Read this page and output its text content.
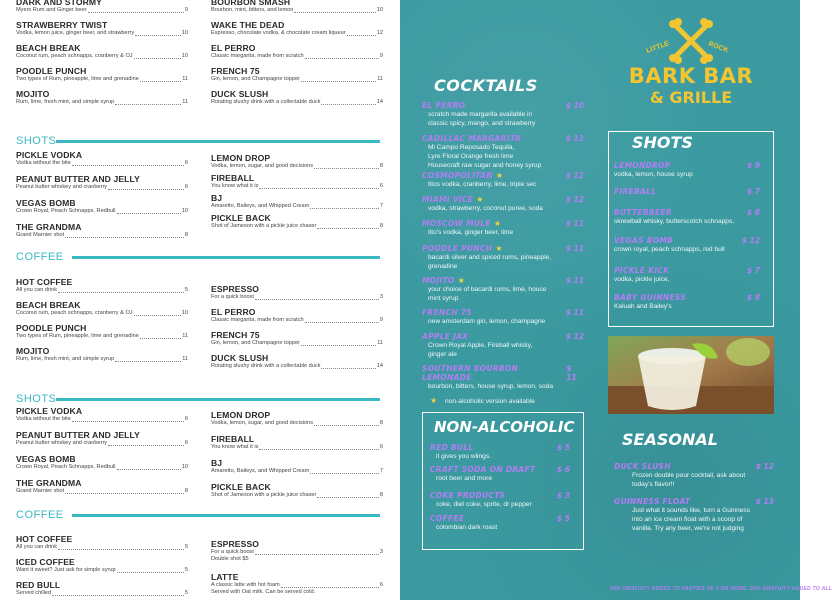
DARK AND STORMY
Myers Rum and Ginger beer	9
STRAWBERRY TWIST
Vodka, lemon juice, ginger beer, and strawberry	10
BEACH BREAK
Coconut rum, peach schnapps, cranberry & OJ	10
POODLE PUNCH
Two types of Rum, pineapple, lime and grenadine	11
MOJITO
Rum, lime, fresh mint, and simple syrup	11
BOURBON SMASH
Bourbon, mint, bitters, and lemon	10
WAKE THE DEAD
Espresso, chocolate vodka, & chocolate cream liqueur	12
EL PERRO
Classic margarita, made from scratch	9
FRENCH 75
Gin, lemon, and Champagne topper	11
DUCK SLUSH
Rotating slushy drink with a collectable duck	14
SHOTS
PICKLE VODKA
Vodka without the bite	6
PEANUT BUTTER AND JELLY
Peanut butter whiskey and cranberry	6
VEGAS BOMB
Crown Royal, Peach Schnapps, Redbull	10
THE GRANDMA
Grand Marnier shot	8
LEMON DROP
Vodka, lemon, sugar, and good decisions	8
FIREBALL
You know what it is	6
BJ
Amaretto, Baileys, and Whipped Cream	7
PICKLE BACK
Shot of Jameson with a pickle juice chaser	8
COFFEE
HOT COFFEE
All you can drink	5
BEACH BREAK
Coconut rum, peach schnapps, cranberry & OJ	10
POODLE PUNCH
Two types of Rum, pineapple, lime and grenadine	11
MOJITO
Rum, lime, fresh mint, and simple syrup	11
ESPRESSO
For a quick boost	3
EL PERRO
Classic margarita, made from scratch	9
FRENCH 75
Gin, lemon, and Champagne topper	11
DUCK SLUSH
Rotating slushy drink with a collectable duck	14
SHOTS
PICKLE VODKA
Vodka without the bite	6
PEANUT BUTTER AND JELLY
Peanut butter whiskey and cranberry	6
VEGAS BOMB
Crown Royal, Peach Schnapps, Redbull	10
THE GRANDMA
Grand Marnier shot	8
LEMON DROP
Vodka, lemon, sugar, and good decisions	8
FIREBALL
You know what it is	6
BJ
Amaretto, Baileys, and Whipped Cream	7
PICKLE BACK
Shot of Jameson with a pickle juice chaser	8
COFFEE
HOT COFFEE
All you can drink	5
ICED COFFEE
Want it sweet? Just ask for simple syrup	5
RED BULL
Served chilled	5
ESPRESSO
For a quick boost	3
Double shot $5
LATTE
A classic latte with hot foam	6
Served with Oat milk. Can be served cold.
LITTLE	ROCK
BARK BAR
& GRILLE
COCKTAILS
EL PERRO	$ 10
scratch made margarita available in
classic spicy, mango, and strawberry
CADILLAC MARGARITA	$ 13
Mi Campo Reposado Tequila,
Lyre Floral Orange fresh lime
Housecraft raw sugar and honey syrup
COSMOPOLITAN ★	$ 12
titos vodka, cranberry, lime, triple sec
MIAMI VICE ★	$ 12
vodka, strawberry, coconut puree, soda
MOSCOW MULE ★	$ 11
tito's vodka, ginger beer, lime
POODLE PUNCH ★	$ 11
bacardi silver and spiced rums, pineapple,
grenadine
MOJITO ★	$ 11
your choice of bacardi rums, lime, house
mint syrup
FRENCH 75	$ 11
new amsterdam gin, lemon, champagne
APPLE JAX	$ 12
Crown Royal Apple, Fireball whisky,
ginger ale
SOUTHERN BOURBON LEMONADE
$ 11
bourbon, bitters, house syrup, lemon, soda
★ non-alcoholic version available
SHOTS
LEMONDROP	$ 9
vodka, lemon, house syrup
FIREBALL	$ 7
BUTTERBEER	$ 8
skrewball whisky, butterscotch schnapps,
VEGAS BOMB	$ 12
crown royal, peach schnapps, red bull
PICKLE KICK	$ 7
vodka, pickle juice,
BABY GUINNESS	$ 8
Kaluah and Bailey's
NON-ALCOHOLIC
RED BULL	$ 5
it gives you wiings.
CRAFT SODA ON DRAFT	$ 6
root beer and more
COKE PRODUCTS	$ 3
coke, diet coke, sprite, dr pepper
COFFEE	$ 5
colombian dark roast
SEASONAL
DUCK SLUSH	$ 12
Frozen double pour cocktail, ask about
today's flavor!!
GUINNESS FLOAT	$ 13
Just what it sounds like, turn a Guinness
into an ice cream float with a scoop of
vanilla. Try any beer, we're not judging
20% GRATUITY ADDED TO PARTIES OF 6 OR MORE. 20% GRATUITY ADDED TO ALL
